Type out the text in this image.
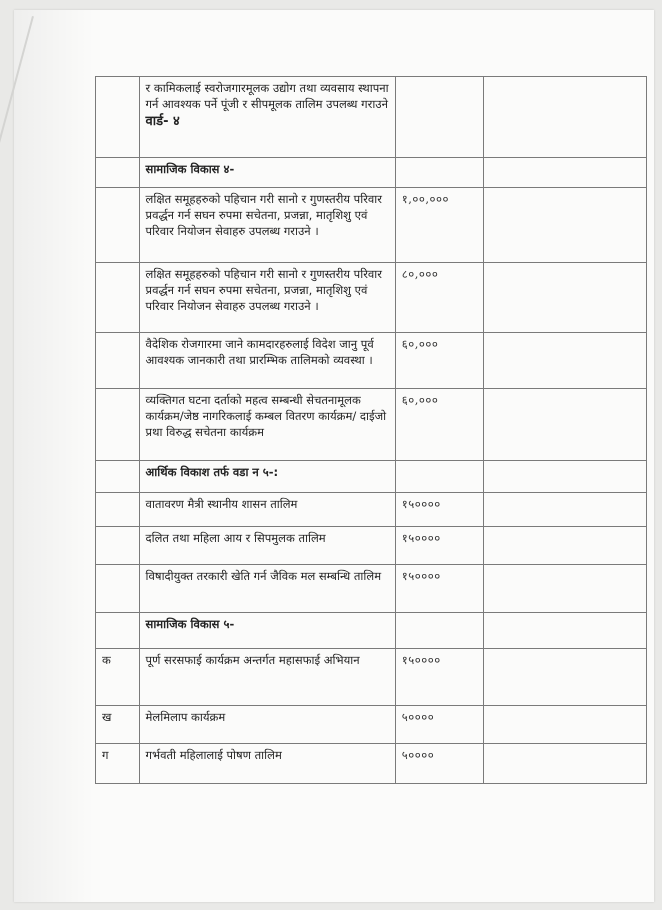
	र कामिकलाई स्वरोजगारमूलक उद्योग तथा व्यवसाय स्थापना गर्न आवश्यक पर्ने पूंजी र सीपमूलक तालिम उपलब्ध गराउने वार्ड- ४		
	सामाजिक विकास ४-		
	लक्षित समूहहरुको पहिचान गरी सानो र गुणस्तरीय परिवार प्रवर्द्धन गर्न सघन रुपमा सचेतना, प्रजन्ना, मातृशिशु एवं परिवार नियोजन सेवाहरु उपलब्ध गराउने ।	१,००,०००	
	लक्षित समूहहरुको पहिचान गरी सानो र गुणस्तरीय परिवार प्रवर्द्धन गर्न सघन रुपमा सचेतना, प्रजन्ना, मातृशिशु एवं परिवार नियोजन सेवाहरु उपलब्ध गराउने ।	८०,०००	
	वैदेशिक रोजगारमा जाने कामदारहरुलाई विदेश जानु पूर्व आवश्यक जानकारी तथा प्रारम्भिक तालिमको व्यवस्था ।	६०,०००	
	व्यक्तिगत घटना दर्ताको महत्व सम्बन्धी सेचतनामूलक कार्यक्रम/जेष्ठ नागरिकलाई कम्बल वितरण कार्यक्रम/ दाईजो प्रथा विरुद्ध सचेतना कार्यक्रम	६०,०००	
	आर्थिक विकाश तर्फ वडा न ५-:		
	वातावरण मैत्री स्थानीय शासन तालिम	१५००००	
	दलित तथा महिला आय र सिपमुलक तालिम	१५००००	
	विषादीयुक्त तरकारी खेति गर्न जैविक मल सम्बन्धि तालिम	१५००००	
	सामाजिक विकास ५-		
क	पूर्ण सरसफाई कार्यक्रम अन्तर्गत महासफाई अभियान	१५००००	
ख	मेलमिलाप कार्यक्रम	५००००	
ग	गर्भवती महिलालाई पोषण तालिम	५००००	
